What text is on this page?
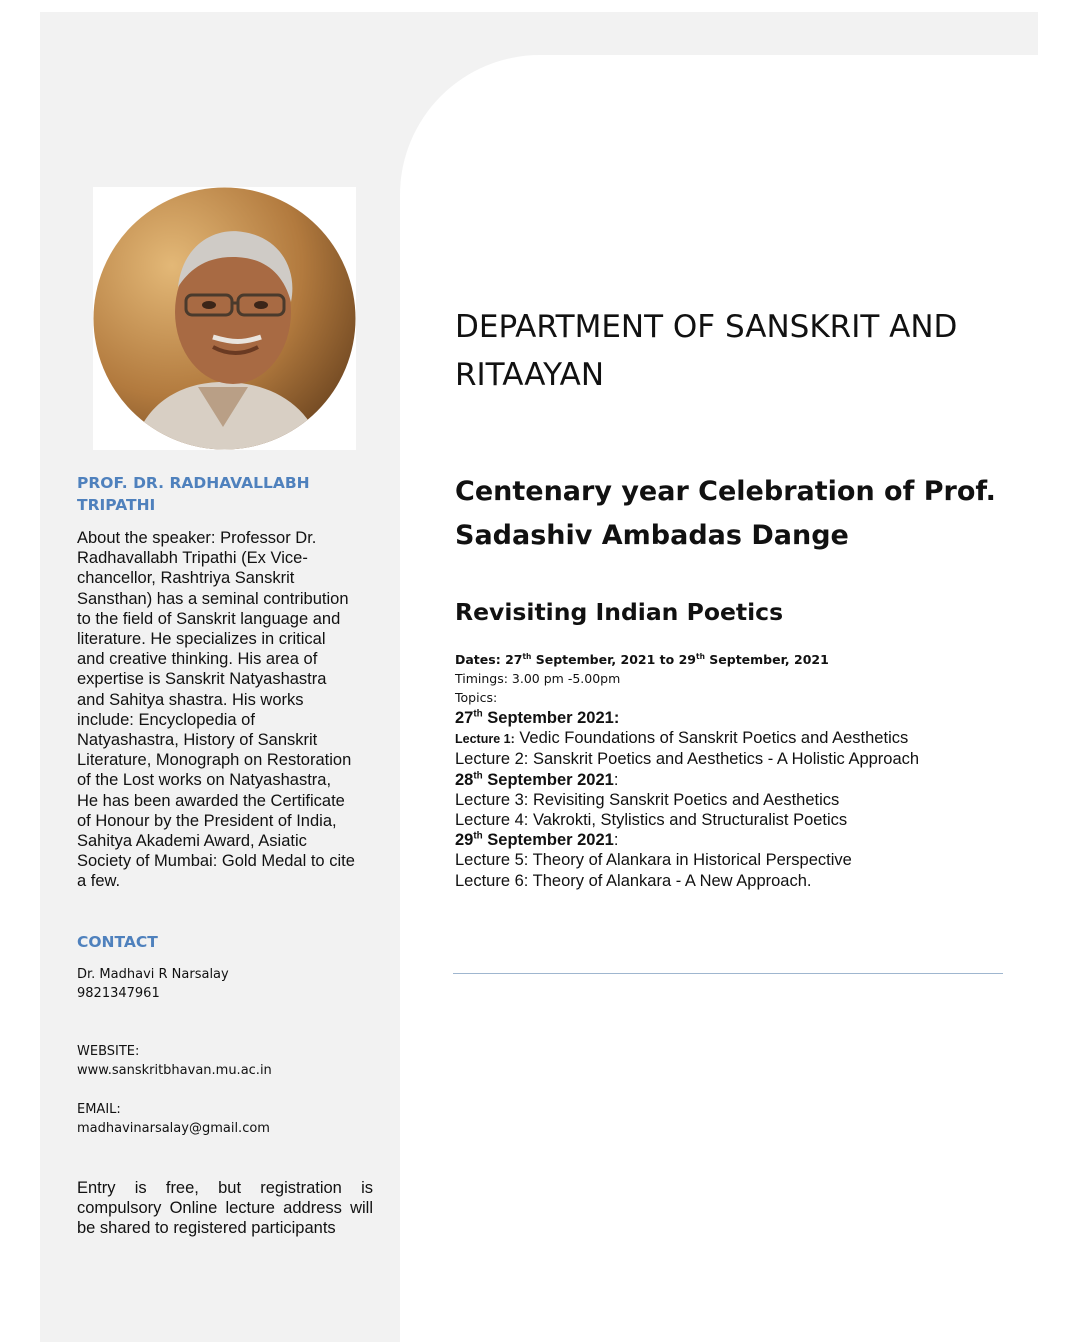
PROF. DR. RADHAVALLABH
TRIPATHI
About the speaker: Professor Dr.
Radhavallabh Tripathi (Ex Vice-
chancellor, Rashtriya Sanskrit
Sansthan) has a seminal contribution
to the field of Sanskrit language and
literature. He specializes in critical
and creative thinking. His area of
expertise is Sanskrit Natyashastra
and Sahitya shastra. His works
include: Encyclopedia of
Natyashastra, History of Sanskrit
Literature, Monograph on Restoration
of the Lost works on Natyashastra,
He has been awarded the Certificate
of Honour by the President of India,
Sahitya Akademi Award, Asiatic
Society of Mumbai: Gold Medal to cite
a few.
CONTACT
Dr. Madhavi R Narsalay
9821347961
WEBSITE:
www.sanskritbhavan.mu.ac.in
EMAIL:
madhavinarsalay@gmail.com
Entry is free, but registration is compulsory Online lecture address will be shared to registered participants
DEPARTMENT OF SANSKRIT AND
RITAAYAN
Centenary year Celebration of Prof.
Sadashiv Ambadas Dange
Revisiting Indian Poetics
Dates: 27th September, 2021 to 29th September, 2021
Timings: 3.00 pm -5.00pm
Topics:
27th September 2021:
Lecture 1: Vedic Foundations of Sanskrit Poetics and Aesthetics
Lecture 2: Sanskrit Poetics and Aesthetics - A Holistic Approach
28th September 2021:
Lecture 3: Revisiting Sanskrit Poetics and Aesthetics
Lecture 4: Vakrokti, Stylistics and Structuralist Poetics
29th September 2021:
Lecture 5: Theory of Alankara in Historical Perspective
Lecture 6: Theory of Alankara - A New Approach.
